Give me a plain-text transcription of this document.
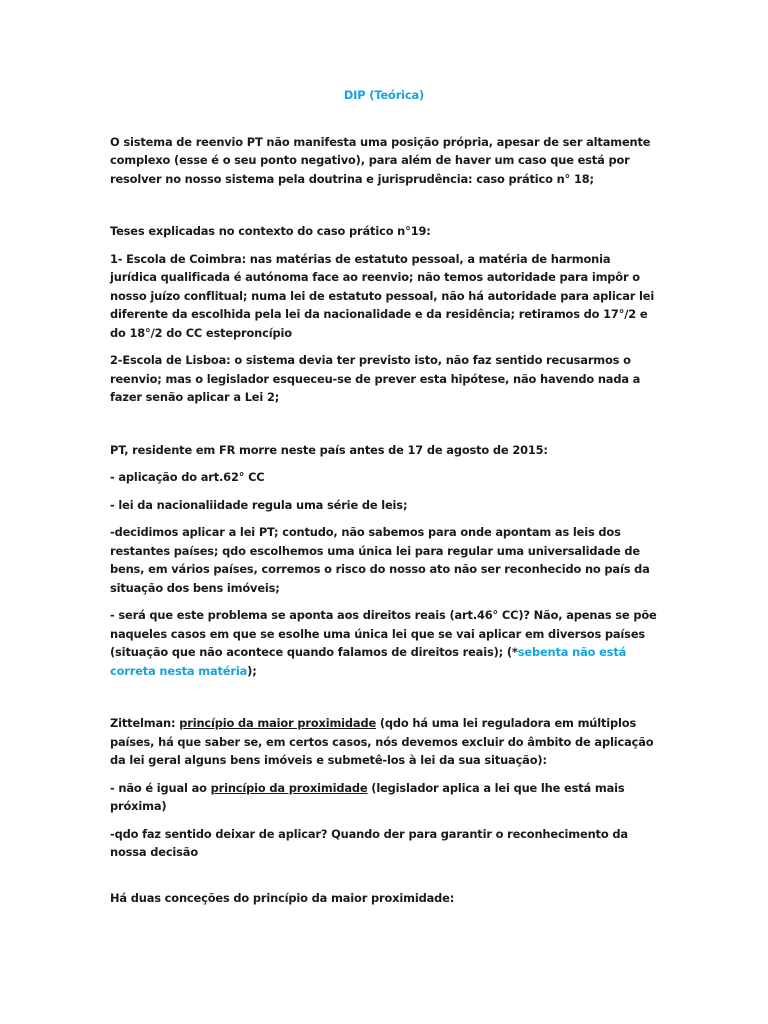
DIP (Teórica)

O sistema de reenvio PT não manifesta uma posição própria, apesar de ser altamente complexo (esse é o seu ponto negativo), para além de haver um caso que está por resolver no nosso sistema pela doutrina e jurisprudência: caso prático n° 18;

Teses explicadas no contexto do caso prático n°19:

1- Escola de Coimbra: nas matérias de estatuto pessoal, a matéria de harmonia jurídica qualificada é autónoma face ao reenvio; não temos autoridade para impôr o nosso juízo conflitual; numa lei de estatuto pessoal, não há autoridade para aplicar lei diferente da escolhida pela lei da nacionalidade e da residência; retiramos do 17°/2 e do 18°/2 do CC esteproncípio

2-Escola de Lisboa: o sistema devia ter previsto isto, não faz sentido recusarmos o reenvio; mas o legislador esqueceu-se de prever esta hipótese, não havendo nada a fazer senão aplicar a Lei 2;

PT, residente em FR morre neste país antes de 17 de agosto de 2015:

- aplicação do art.62° CC

- lei da nacionaliidade regula uma série de leis;

-decidimos aplicar a lei PT; contudo, não sabemos para onde apontam as leis dos restantes países; qdo escolhemos uma única lei para regular uma universalidade de bens, em vários países, corremos o risco do nosso ato não ser reconhecido no país da situação dos bens imóveis;

- será que este problema se aponta aos direitos reais (art.46° CC)? Não, apenas se põe naqueles casos em que se esolhe uma única lei que se vai aplicar em diversos países (situação que não acontece quando falamos de direitos reais); (*sebenta não está correta nesta matéria);

Zittelman: princípio da maior proximidade (qdo há uma lei reguladora em múltiplos países, há que saber se, em certos casos, nós devemos excluir do âmbito de aplicação da lei geral alguns bens imóveis e submetê-los à lei da sua situação):

- não é igual ao princípio da proximidade (legislador aplica a lei que lhe está mais próxima)

-qdo faz sentido deixar de aplicar? Quando der para garantir o reconhecimento da nossa decisão

Há duas conceções do princípio da maior proximidade:
